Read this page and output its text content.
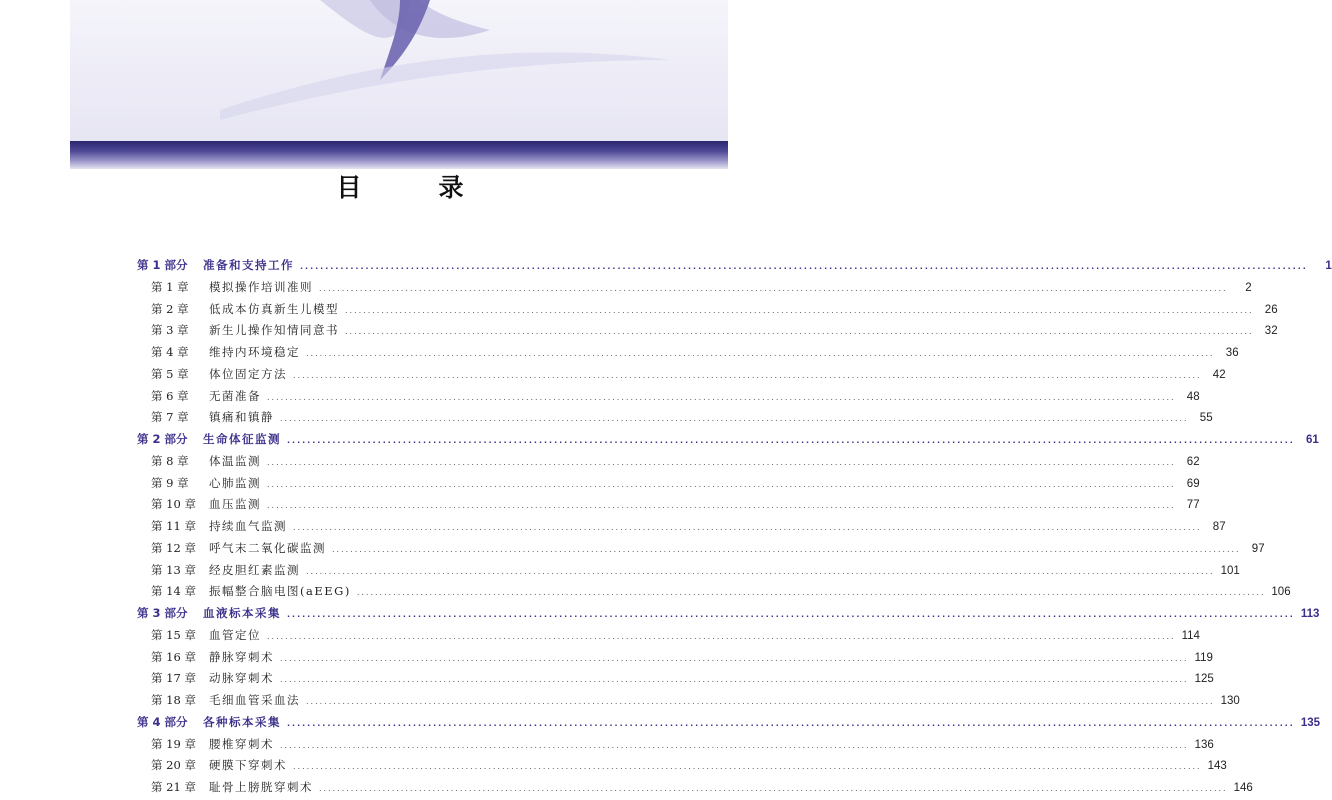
目　录
第 1 部分	准备和支持工作 ........................................................................................................................................................................................................	1
第 1 章	模拟操作培训准则 ........................................................................................................................................................................................................	2
第 2 章	低成本仿真新生儿模型 ........................................................................................................................................................................................................ 26
第 3 章	新生儿操作知情同意书 ........................................................................................................................................................................................................ 32
第 4 章	维持内环境稳定 ........................................................................................................................................................................................................ 36
第 5 章	体位固定方法 ........................................................................................................................................................................................................ 42
第 6 章	无菌准备 ........................................................................................................................................................................................................ 48
第 7 章	镇痛和镇静 ........................................................................................................................................................................................................ 55
第 2 部分	生命体征监测 ........................................................................................................................................................................................................ 61
第 8 章	体温监测 ........................................................................................................................................................................................................ 62
第 9 章	心肺监测 ........................................................................................................................................................................................................ 69
第 10 章	血压监测 ........................................................................................................................................................................................................ 77
第 11 章	持续血气监测 ........................................................................................................................................................................................................ 87
第 12 章	呼气末二氧化碳监测 ........................................................................................................................................................................................................ 97
第 13 章	经皮胆红素监测 ........................................................................................................................................................................................................ 101
第 14 章	振幅整合脑电图(aEEG) ........................................................................................................................................................................................................ 106
第 3 部分	血液标本采集 ........................................................................................................................................................................................................ 113
第 15 章	血管定位 ........................................................................................................................................................................................................ 114
第 16 章	静脉穿刺术 ........................................................................................................................................................................................................ 119
第 17 章	动脉穿刺术 ........................................................................................................................................................................................................ 125
第 18 章	毛细血管采血法 ........................................................................................................................................................................................................ 130
第 4 部分	各种标本采集 ........................................................................................................................................................................................................ 135
第 19 章	腰椎穿刺术 ........................................................................................................................................................................................................ 136
第 20 章	硬膜下穿刺术 ........................................................................................................................................................................................................ 143
第 21 章	耻骨上膀胱穿刺术 ........................................................................................................................................................................................................ 146
